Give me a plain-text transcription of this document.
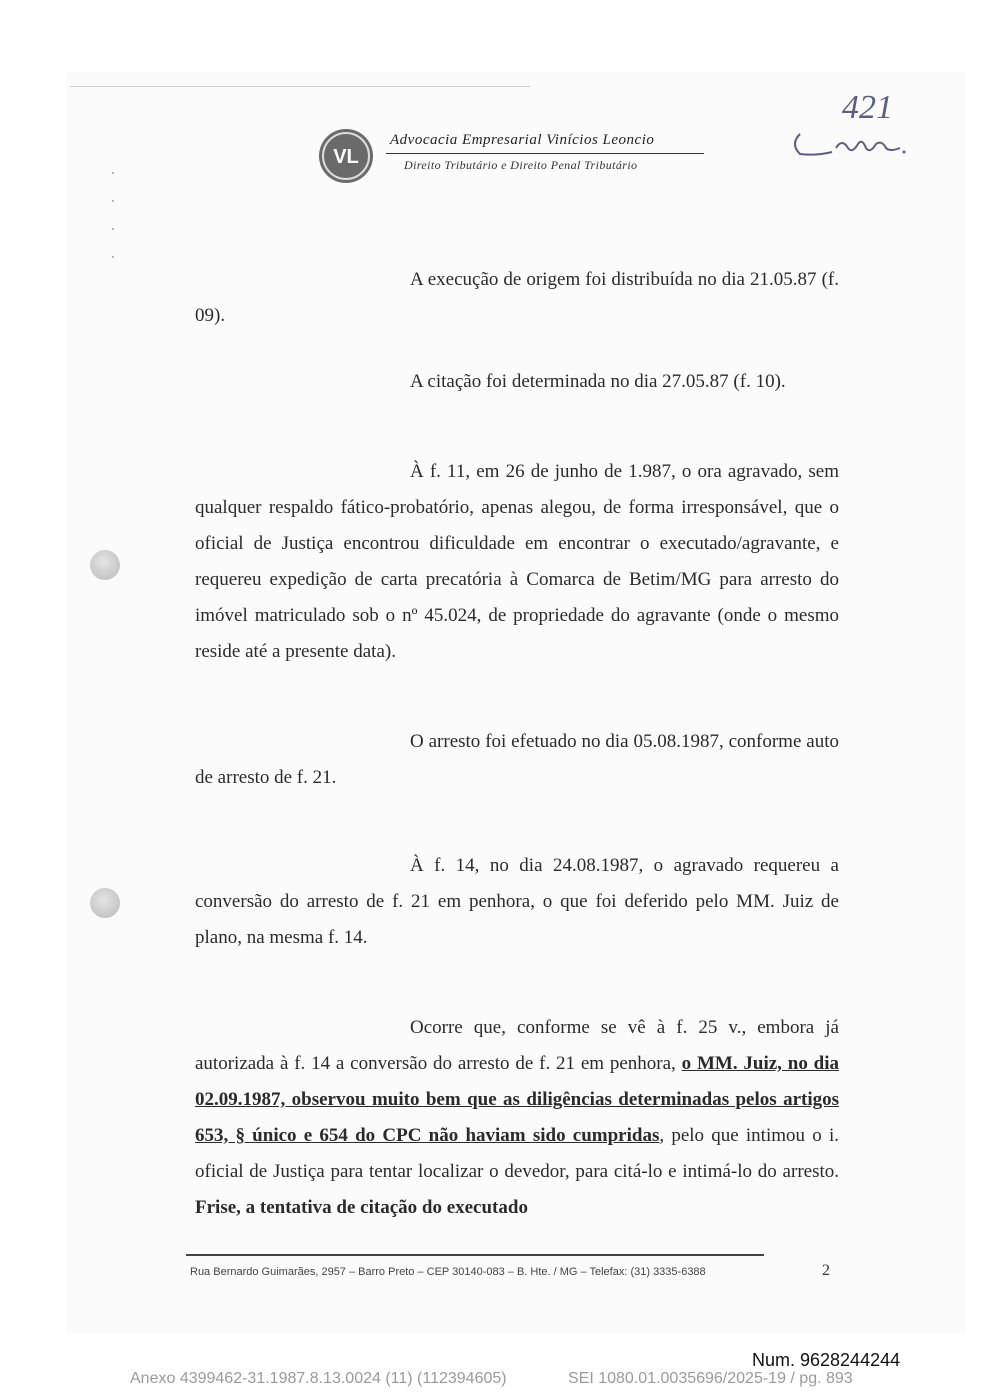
VL
Advocacia Empresarial Vinícios Leoncio
Direito Tributário e Direito Penal Tributário
421
A execução de origem foi distribuída no dia 21.05.87 (f. 09).
A citação foi determinada no dia 27.05.87 (f. 10).
À f. 11, em 26 de junho de 1.987, o ora agravado, sem qualquer respaldo fático-probatório, apenas alegou, de forma irresponsável, que o oficial de Justiça encontrou dificuldade em encontrar o executado/agravante, e requereu expedição de carta precatória à Comarca de Betim/MG para arresto do imóvel matriculado sob o nº 45.024, de propriedade do agravante (onde o mesmo reside até a presente data).
O arresto foi efetuado no dia 05.08.1987, conforme auto de arresto de f. 21.
À f. 14, no dia 24.08.1987, o agravado requereu a conversão do arresto de f. 21 em penhora, o que foi deferido pelo MM. Juiz de plano, na mesma f. 14.
Ocorre que, conforme se vê à f. 25 v., embora já autorizada à f. 14 a conversão do arresto de f. 21 em penhora, o MM. Juiz, no dia 02.09.1987, observou muito bem que as diligências determinadas pelos artigos 653, § único e 654 do CPC não haviam sido cumpridas, pelo que intimou o i. oficial de Justiça para tentar localizar o devedor, para citá-lo e intimá-lo do arresto. Frise, a tentativa de citação do executado
Rua Bernardo Guimarães, 2957 – Barro Preto – CEP 30140-083 – B. Hte. / MG – Telefax: (31) 3335-6388	2
Num. 9628244244
Anexo 4399462-31.1987.8.13.0024 (11) (112394605)	SEI 1080.01.0035696/2025-19 / pg. 893
